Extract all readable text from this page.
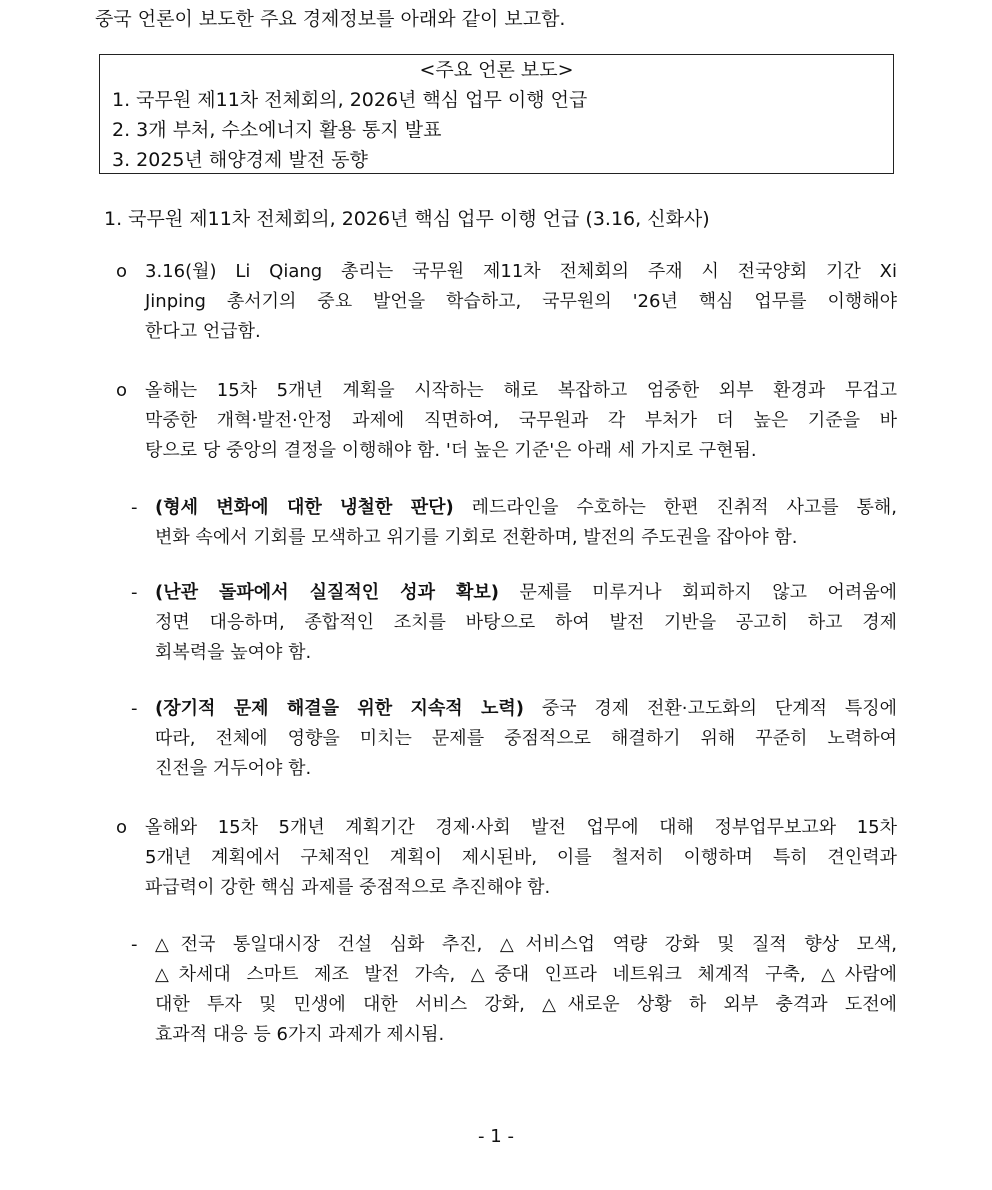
중국 언론이 보도한 주요 경제정보를 아래와 같이 보고함.
<주요 언론 보도>
1. 국무원 제11차 전체회의, 2026년 핵심 업무 이행 언급
2. 3개 부처, 수소에너지 활용 통지 발표
3. 2025년 해양경제 발전 동향
1. 국무원 제11차 전체회의, 2026년 핵심 업무 이행 언급 (3.16, 신화사)
ο 3.16(월) Li Qiang 총리는 국무원 제11차 전체회의 주재 시 전국양회 기간 Xi
Jinping 총서기의 중요 발언을 학습하고, 국무원의 '26년 핵심 업무를 이행해야
한다고 언급함.
ο 올해는 15차 5개년 계획을 시작하는 해로 복잡하고 엄중한 외부 환경과 무겁고
막중한 개혁·발전·안정 과제에 직면하여, 국무원과 각 부처가 더 높은 기준을 바
탕으로 당 중앙의 결정을 이행해야 함. '더 높은 기준'은 아래 세 가지로 구현됨.
- (형세 변화에 대한 냉철한 판단) 레드라인을 수호하는 한편 진취적 사고를 통해,
변화 속에서 기회를 모색하고 위기를 기회로 전환하며, 발전의 주도권을 잡아야 함.
- (난관 돌파에서 실질적인 성과 확보) 문제를 미루거나 회피하지 않고 어려움에
정면 대응하며, 종합적인 조치를 바탕으로 하여 발전 기반을 공고히 하고 경제
회복력을 높여야 함.
- (장기적 문제 해결을 위한 지속적 노력) 중국 경제 전환·고도화의 단계적 특징에
따라, 전체에 영향을 미치는 문제를 중점적으로 해결하기 위해 꾸준히 노력하여
진전을 거두어야 함.
ο 올해와 15차 5개년 계획기간 경제·사회 발전 업무에 대해 정부업무보고와 15차
5개년 계획에서 구체적인 계획이 제시된바, 이를 철저히 이행하며 특히 견인력과
파급력이 강한 핵심 과제를 중점적으로 추진해야 함.
- △전국 통일대시장 건설 심화 추진, △서비스업 역량 강화 및 질적 향상 모색,
△차세대 스마트 제조 발전 가속, △중대 인프라 네트워크 체계적 구축, △사람에
대한 투자 및 민생에 대한 서비스 강화, △새로운 상황 하 외부 충격과 도전에
효과적 대응 등 6가지 과제가 제시됨.
- 1 -
